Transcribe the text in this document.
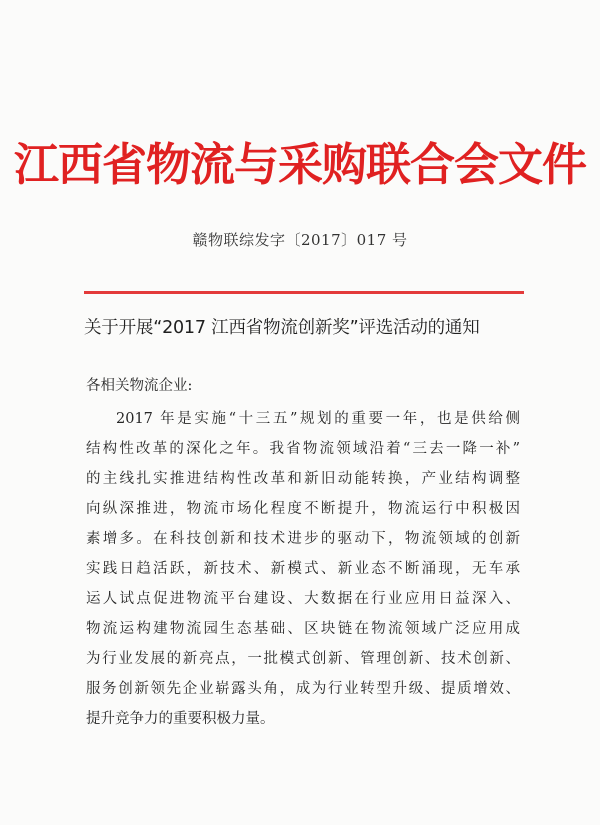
江西省物流与采购联合会文件
赣物联综发字〔2017〕017 号
关于开展“2017 江西省物流创新奖”评选活动的通知
各相关物流企业:
2017 年是实施“十三五”规划的重要一年，也是供给侧
结构性改革的深化之年。我省物流领域沿着“三去一降一补”
的主线扎实推进结构性改革和新旧动能转换，产业结构调整
向纵深推进，物流市场化程度不断提升，物流运行中积极因
素增多。在科技创新和技术进步的驱动下，物流领域的创新
实践日趋活跃，新技术、新模式、新业态不断涌现，无车承
运人试点促进物流平台建设、大数据在行业应用日益深入、
物流运构建物流园生态基础、区块链在物流领域广泛应用成
为行业发展的新亮点，一批模式创新、管理创新、技术创新、
服务创新领先企业崭露头角，成为行业转型升级、提质增效、
提升竞争力的重要积极力量。
